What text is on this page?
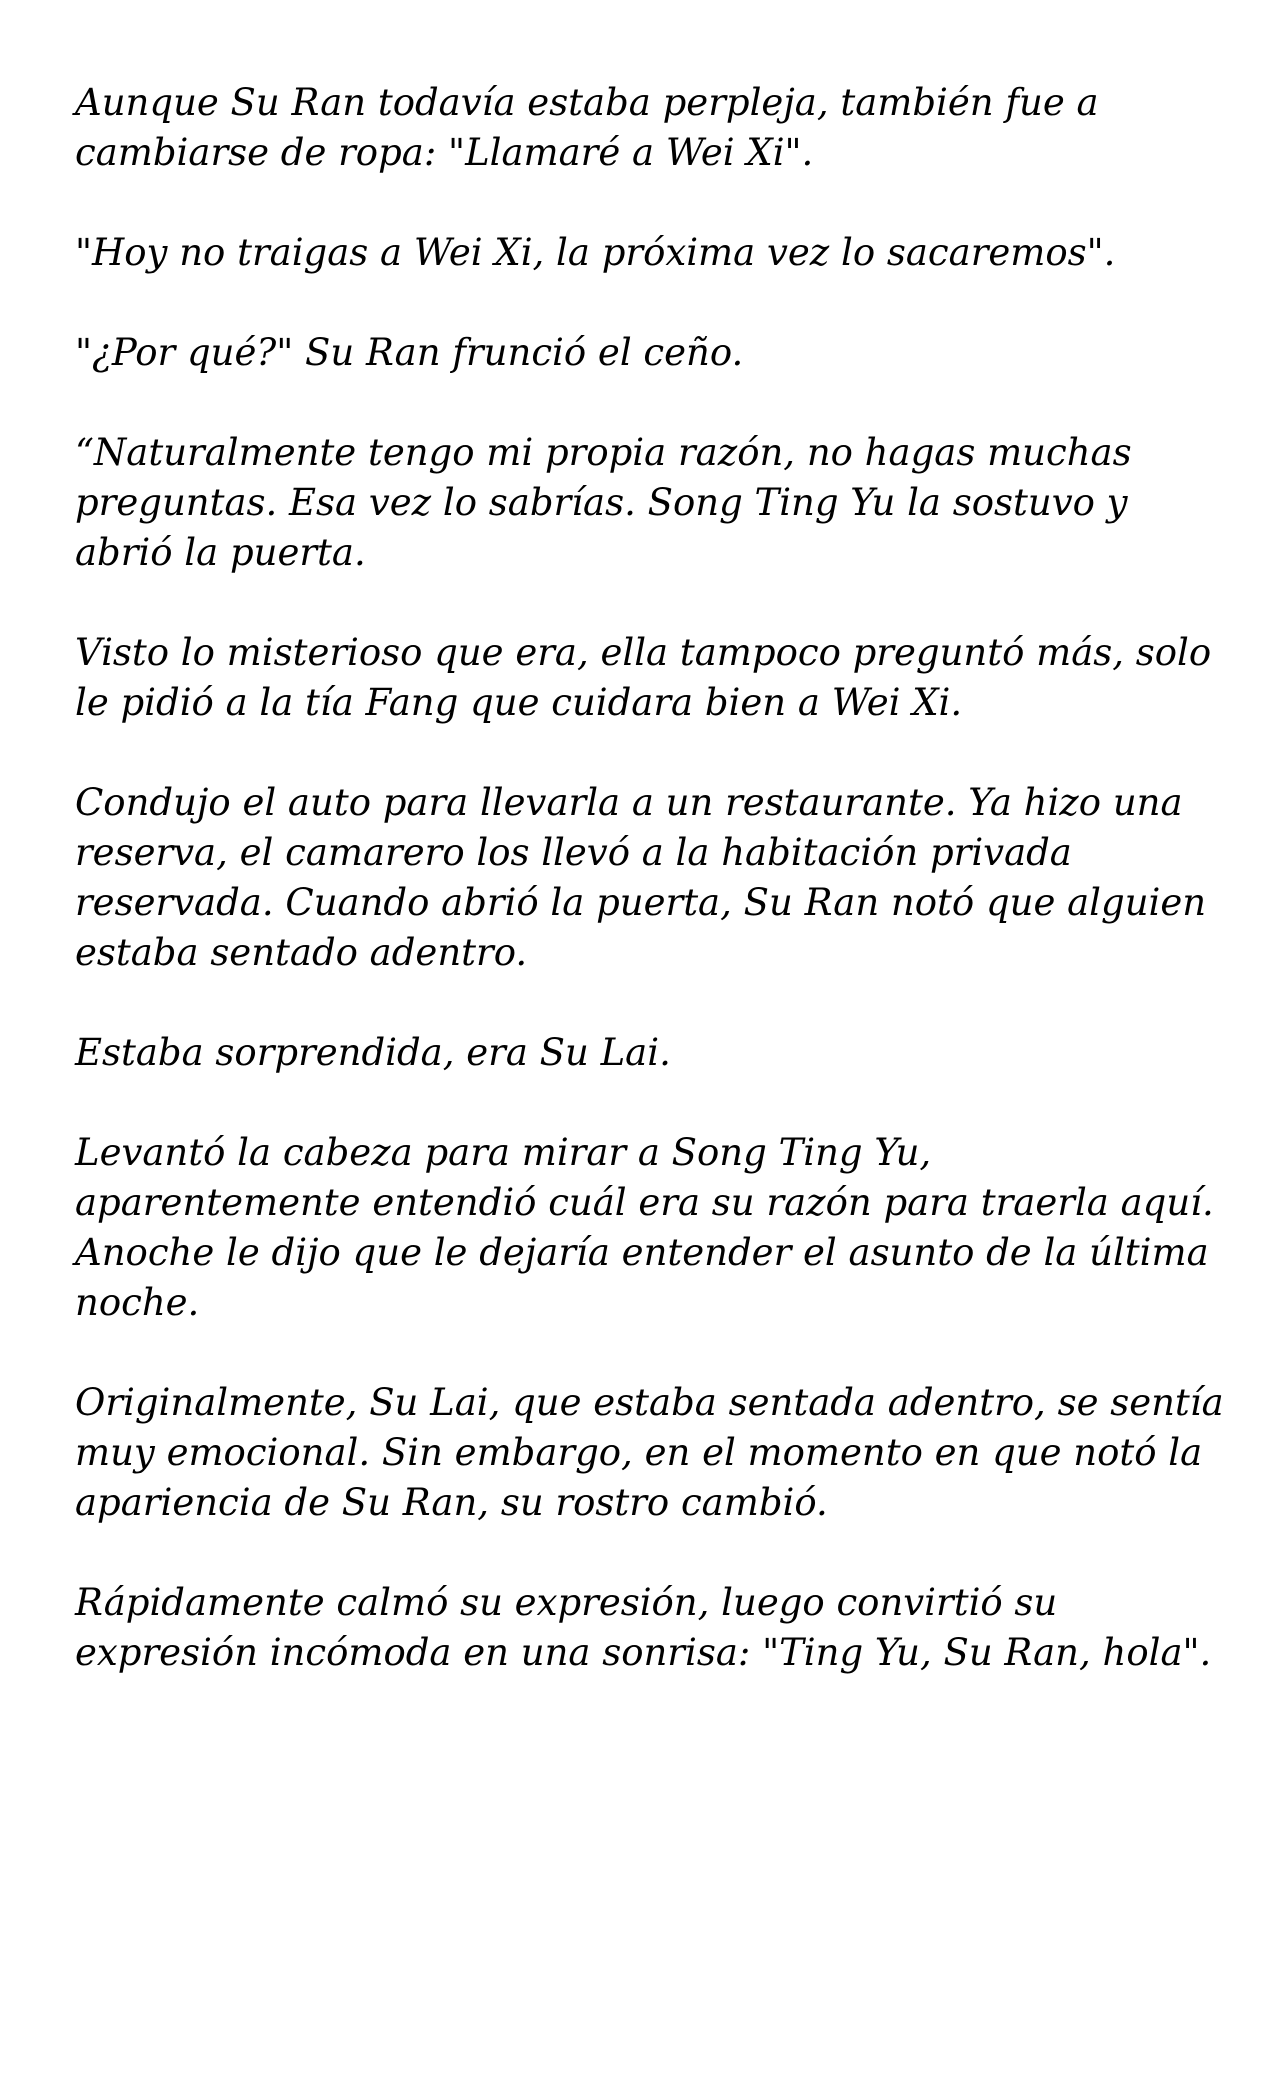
Aunque Su Ran todavía estaba perpleja, también fue a cambiarse de ropa: "Llamaré a Wei Xi".

"Hoy no traigas a Wei Xi, la próxima vez lo sacaremos".

"¿Por qué?" Su Ran frunció el ceño.

“Naturalmente tengo mi propia razón, no hagas muchas preguntas. Esa vez lo sabrías. Song Ting Yu la sostuvo y abrió la puerta.

Visto lo misterioso que era, ella tampoco preguntó más, solo le pidió a la tía Fang que cuidara bien a Wei Xi.

Condujo el auto para llevarla a un restaurante. Ya hizo una reserva, el camarero los llevó a la habitación privada reservada. Cuando abrió la puerta, Su Ran notó que alguien estaba sentado adentro.

Estaba sorprendida, era Su Lai.

Levantó la cabeza para mirar a Song Ting Yu, aparentemente entendió cuál era su razón para traerla aquí. Anoche le dijo que le dejaría entender el asunto de la última noche.

Originalmente, Su Lai, que estaba sentada adentro, se sentía muy emocional. Sin embargo, en el momento en que notó la apariencia de Su Ran, su rostro cambió.

Rápidamente calmó su expresión, luego convirtió su expresión incómoda en una sonrisa: "Ting Yu, Su Ran, hola".
